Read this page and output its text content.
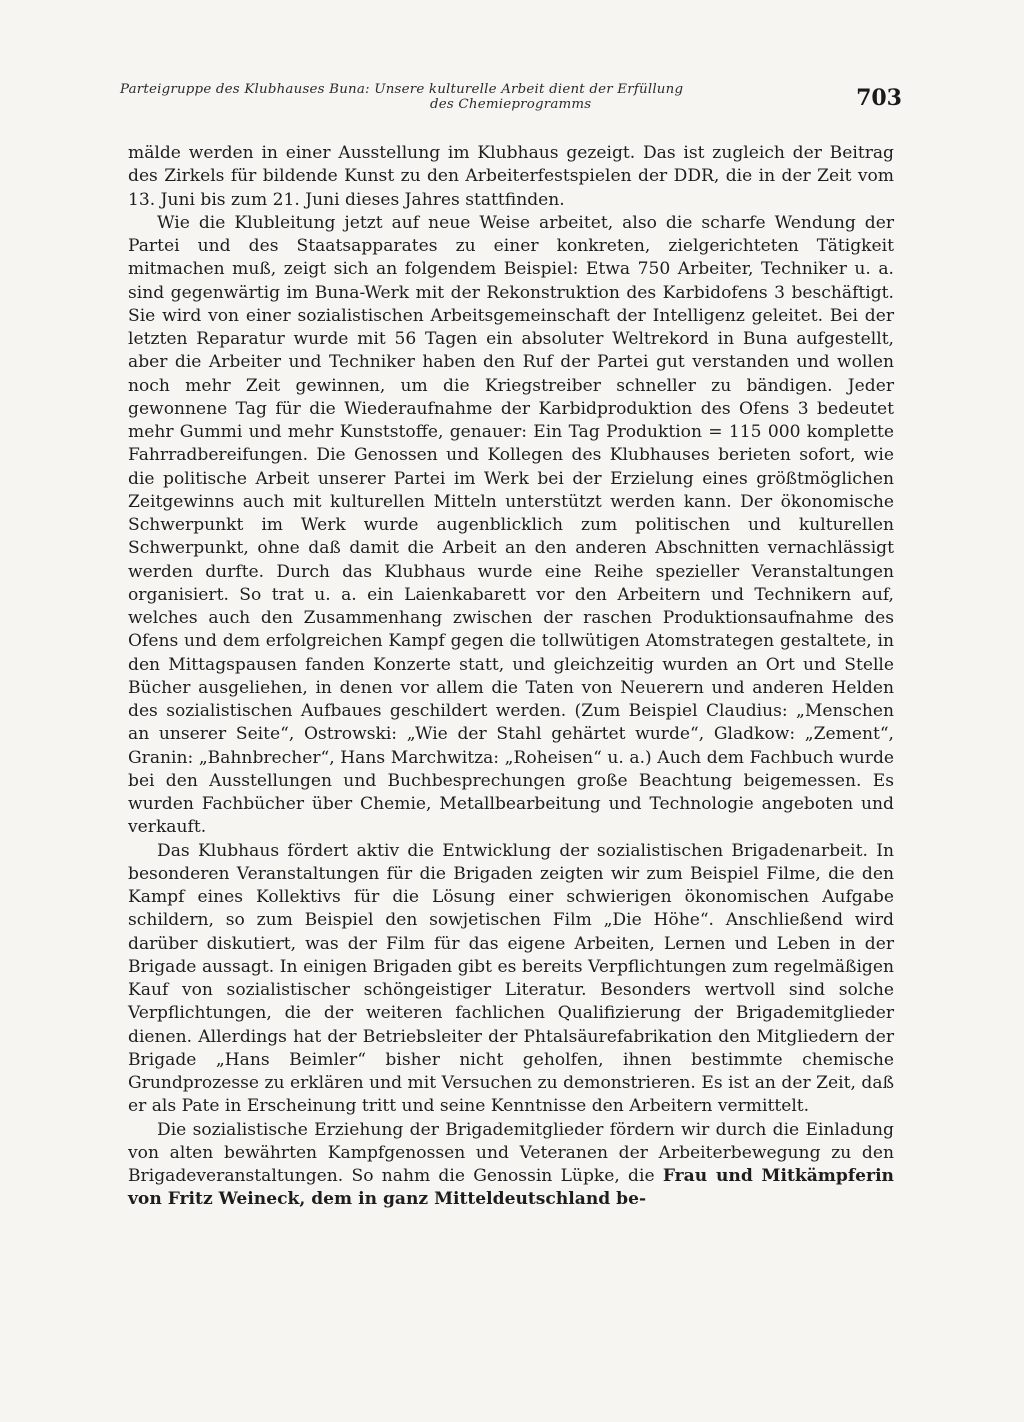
Parteigruppe des Klubhauses Buna: Unsere kulturelle Arbeit dient der Erfüllung
des Chemieprogramms	703

mälde werden in einer Ausstellung im Klubhaus gezeigt. Das ist zugleich der Beitrag des Zirkels für bildende Kunst zu den Arbeiterfestspielen der DDR, die in der Zeit vom 13. Juni bis zum 21. Juni dieses Jahres stattfinden.

Wie die Klubleitung jetzt auf neue Weise arbeitet, also die scharfe Wendung der Partei und des Staatsapparates zu einer konkreten, zielgerichteten Tätigkeit mitmachen muß, zeigt sich an folgendem Beispiel: Etwa 750 Arbeiter, Techniker u. a. sind gegenwärtig im Buna-Werk mit der Rekonstruktion des Karbidofens 3 beschäftigt. Sie wird von einer sozialistischen Arbeitsgemeinschaft der Intelligenz geleitet. Bei der letzten Reparatur wurde mit 56 Tagen ein absoluter Weltrekord in Buna aufgestellt, aber die Arbeiter und Techniker haben den Ruf der Partei gut verstanden und wollen noch mehr Zeit gewinnen, um die Kriegstreiber schneller zu bändigen. Jeder gewonnene Tag für die Wiederaufnahme der Karbidproduktion des Ofens 3 bedeutet mehr Gummi und mehr Kunststoffe, genauer: Ein Tag Produktion = 115 000 komplette Fahrradbereifungen. Die Genossen und Kollegen des Klubhauses berieten sofort, wie die politische Arbeit unserer Partei im Werk bei der Erzielung eines größtmöglichen Zeitgewinns auch mit kulturellen Mitteln unterstützt werden kann. Der ökonomische Schwerpunkt im Werk wurde augenblicklich zum politischen und kulturellen Schwerpunkt, ohne daß damit die Arbeit an den anderen Abschnitten vernachlässigt werden durfte. Durch das Klubhaus wurde eine Reihe spezieller Veranstaltungen organisiert. So trat u. a. ein Laienkabarett vor den Arbeitern und Technikern auf, welches auch den Zusammenhang zwischen der raschen Produktionsaufnahme des Ofens und dem erfolgreichen Kampf gegen die tollwütigen Atomstrategen gestaltete, in den Mittagspausen fanden Konzerte statt, und gleichzeitig wurden an Ort und Stelle Bücher ausgeliehen, in denen vor allem die Taten von Neuerern und anderen Helden des sozialistischen Aufbaues geschildert werden. (Zum Beispiel Claudius: „Menschen an unserer Seite“, Ostrowski: „Wie der Stahl gehärtet wurde“, Gladkow: „Zement“, Granin: „Bahnbrecher“, Hans Marchwitza: „Roheisen“ u. a.) Auch dem Fachbuch wurde bei den Ausstellungen und Buchbesprechungen große Beachtung beigemessen. Es wurden Fachbücher über Chemie, Metallbearbeitung und Technologie angeboten und verkauft.

Das Klubhaus fördert aktiv die Entwicklung der sozialistischen Brigadenarbeit. In besonderen Veranstaltungen für die Brigaden zeigten wir zum Beispiel Filme, die den Kampf eines Kollektivs für die Lösung einer schwierigen ökonomischen Aufgabe schildern, so zum Beispiel den sowjetischen Film „Die Höhe“. Anschließend wird darüber diskutiert, was der Film für das eigene Arbeiten, Lernen und Leben in der Brigade aussagt. In einigen Brigaden gibt es bereits Verpflichtungen zum regelmäßigen Kauf von sozialistischer schöngeistiger Literatur. Besonders wertvoll sind solche Verpflichtungen, die der weiteren fachlichen Qualifizierung der Brigademitglieder dienen. Allerdings hat der Betriebsleiter der Phtalsäurefabrikation den Mitgliedern der Brigade „Hans Beimler“ bisher nicht geholfen, ihnen bestimmte chemische Grundprozesse zu erklären und mit Versuchen zu demonstrieren. Es ist an der Zeit, daß er als Pate in Erscheinung tritt und seine Kenntnisse den Arbeitern vermittelt.

Die sozialistische Erziehung der Brigademitglieder fördern wir durch die Einladung von alten bewährten Kampfgenossen und Veteranen der Arbeiterbewegung zu den Brigadeveranstaltungen. So nahm die Genossin Lüpke, die Frau und Mitkämpferin von Fritz Weineck, dem in ganz Mitteldeutschland be-
